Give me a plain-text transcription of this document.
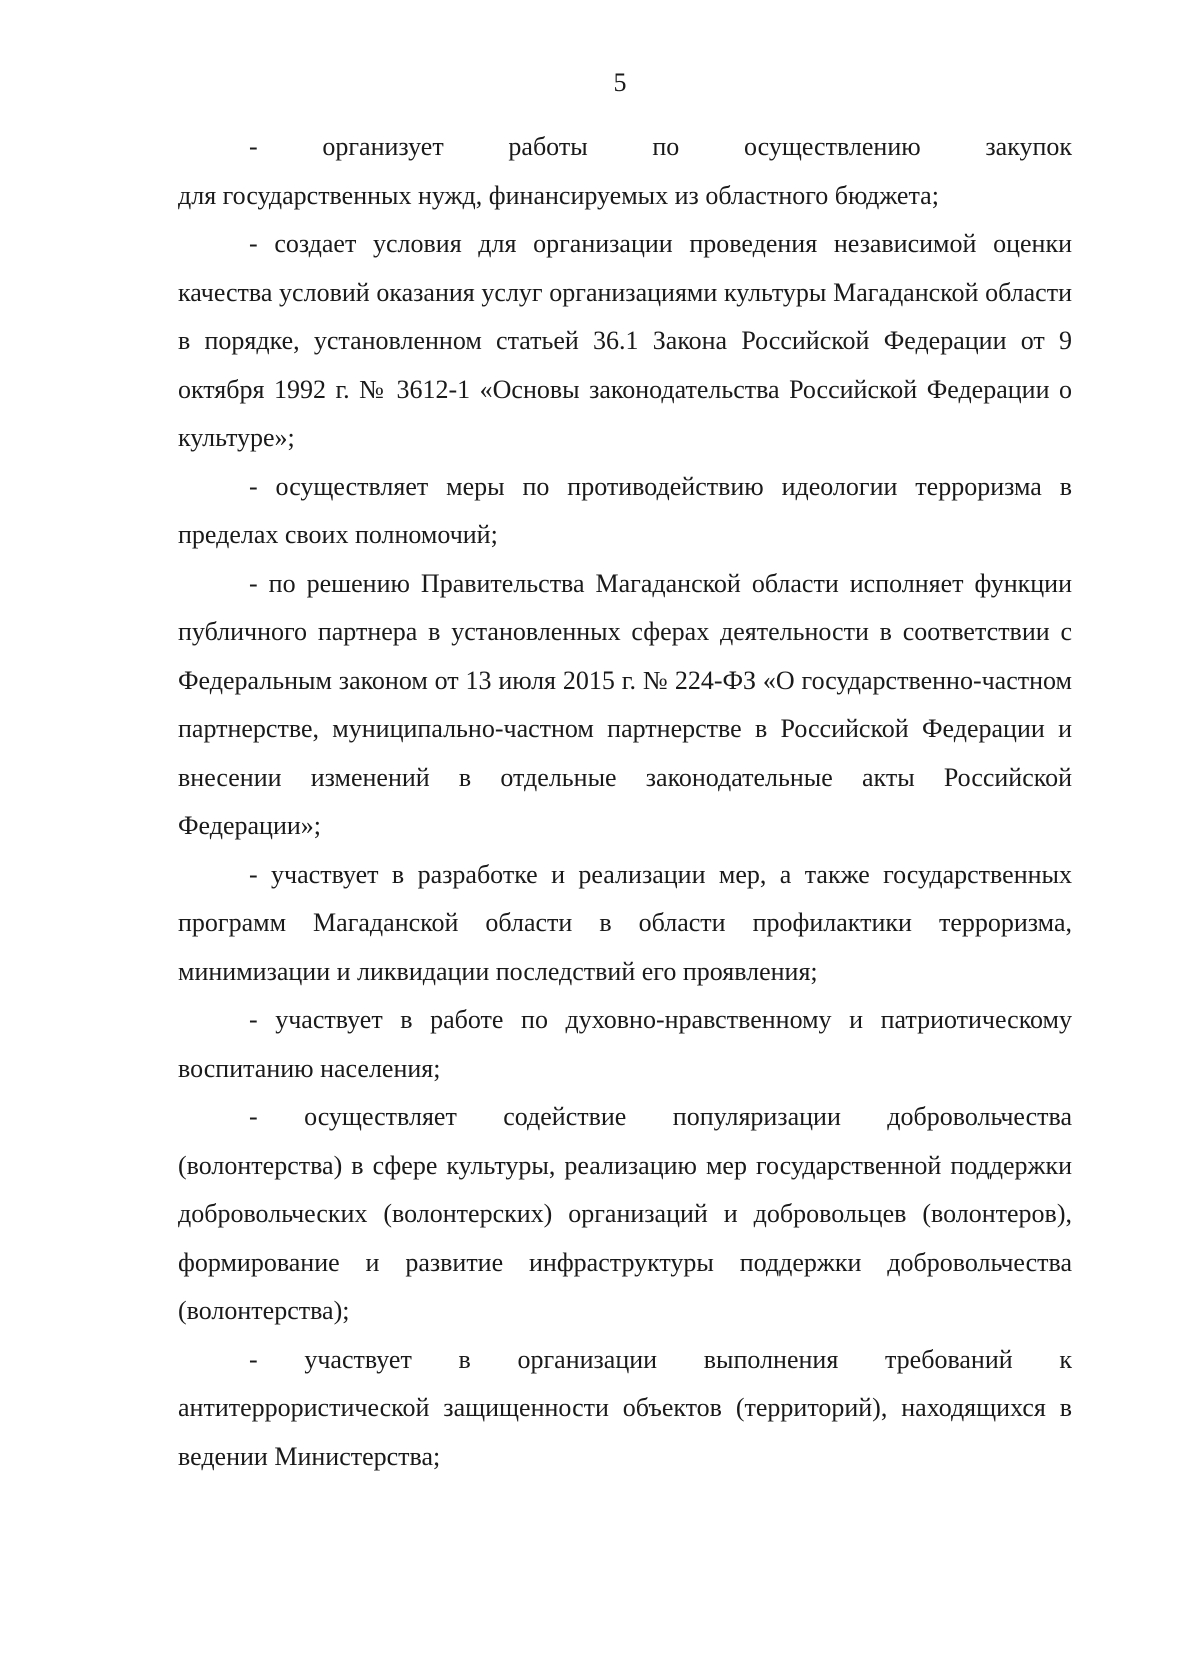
5

- организует работы по осуществлению закупок

для государственных нужд, финансируемых из областного бюджета;

- создает условия для организации проведения независимой оценки качества условий оказания услуг организациями культуры Магаданской области в порядке, установленном статьей 36.1 Закона Российской Федерации от 9 октября 1992 г. № 3612-1 «Основы законодательства Российской Федерации о культуре»;

- осуществляет меры по противодействию идеологии терроризма в пределах своих полномочий;

- по решению Правительства Магаданской области исполняет функции публичного партнера в установленных сферах деятельности в соответствии с Федеральным законом от 13 июля 2015 г. № 224-ФЗ «О государственно-частном партнерстве, муниципально-частном партнерстве в Российской Федерации и внесении изменений в отдельные законодательные акты Российской Федерации»;

- участвует в разработке и реализации мер, а также государственных программ Магаданской области в области профилактики терроризма, минимизации и ликвидации последствий его проявления;

- участвует в работе по духовно-нравственному и патриотическому воспитанию населения;

- осуществляет содействие популяризации добровольчества (волонтерства) в сфере культуры, реализацию мер государственной поддержки добровольческих (волонтерских) организаций и добровольцев (волонтеров), формирование и развитие инфраструктуры поддержки добровольчества (волонтерства);

- участвует в организации выполнения требований к антитеррористической защищенности объектов (территорий), находящихся в ведении Министерства;
